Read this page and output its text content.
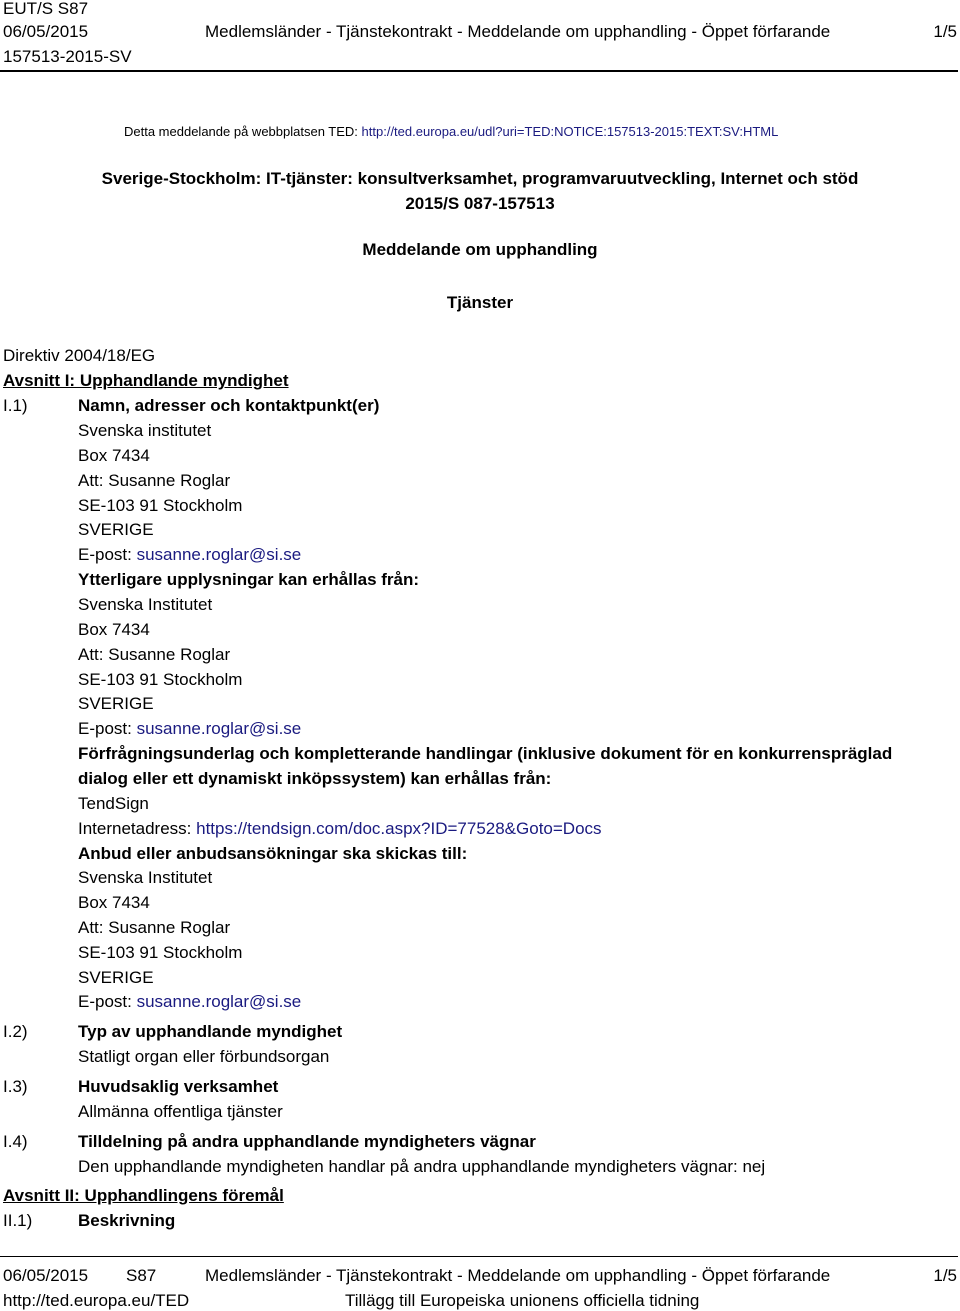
EUT/S S87
06/05/2015	Medlemsländer - Tjänstekontrakt - Meddelande om upphandling - Öppet förfarande	1/5
157513-2015-SV
Detta meddelande på webbplatsen TED: http://ted.europa.eu/udl?uri=TED:NOTICE:157513-2015:TEXT:SV:HTML
Sverige-Stockholm: IT-tjänster: konsultverksamhet, programvaruutveckling, Internet och stöd
2015/S 087-157513
Meddelande om upphandling
Tjänster
Direktiv 2004/18/EG
Avsnitt I: Upphandlande myndighet
I.1)	Namn, adresser och kontaktpunkt(er)
Svenska institutet
Box 7434
Att: Susanne Roglar
SE-103 91 Stockholm
SVERIGE
E-post: susanne.roglar@si.se
Ytterligare upplysningar kan erhållas från:
Svenska Institutet
Box 7434
Att: Susanne Roglar
SE-103 91 Stockholm
SVERIGE
E-post: susanne.roglar@si.se
Förfrågningsunderlag och kompletterande handlingar (inklusive dokument för en konkurrenspräglad
dialog eller ett dynamiskt inköpssystem) kan erhållas från:
TendSign
Internetadress: https://tendsign.com/doc.aspx?ID=77528&Goto=Docs
Anbud eller anbudsansökningar ska skickas till:
Svenska Institutet
Box 7434
Att: Susanne Roglar
SE-103 91 Stockholm
SVERIGE
E-post: susanne.roglar@si.se
I.2)	Typ av upphandlande myndighet
Statligt organ eller förbundsorgan
I.3)	Huvudsaklig verksamhet
Allmänna offentliga tjänster
I.4)	Tilldelning på andra upphandlande myndigheters vägnar
Den upphandlande myndigheten handlar på andra upphandlande myndigheters vägnar: nej
Avsnitt II: Upphandlingens föremål
II.1)	Beskrivning
06/05/2015 S87	Medlemsländer - Tjänstekontrakt - Meddelande om upphandling - Öppet förfarande	1/5
http://ted.europa.eu/TED	Tillägg till Europeiska unionens officiella tidning
